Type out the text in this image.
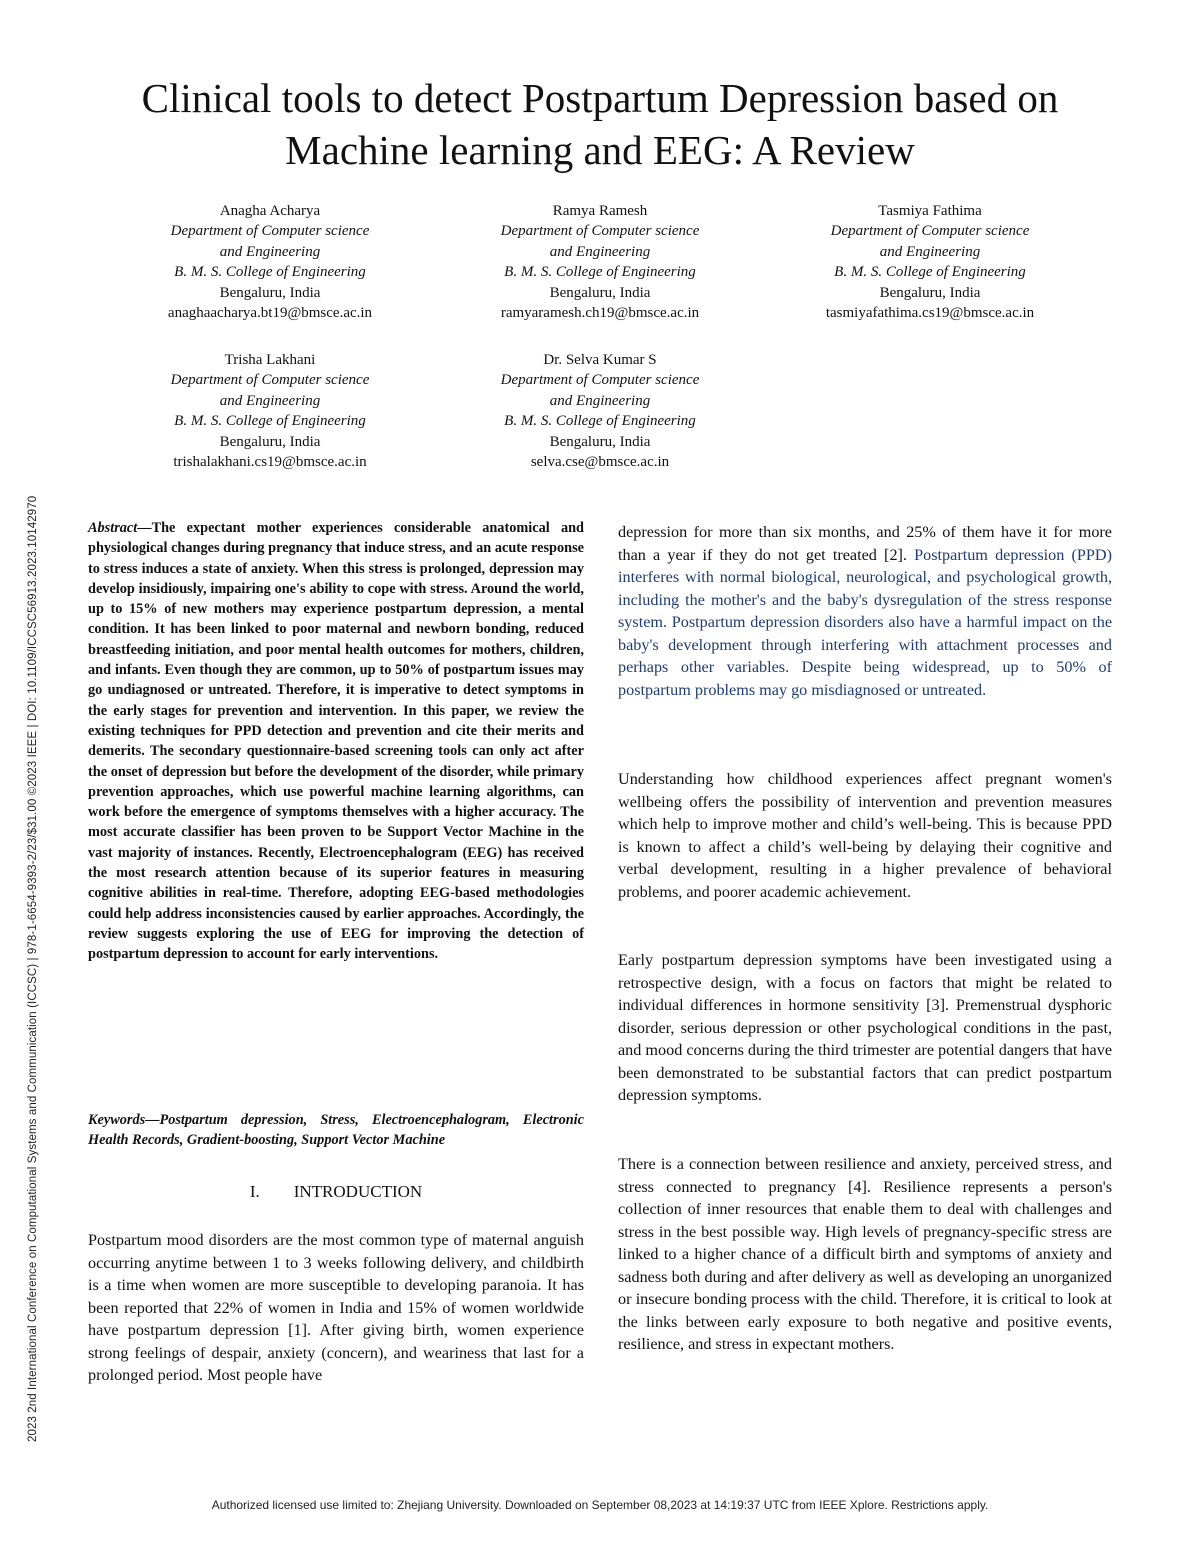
Clinical tools to detect Postpartum Depression based on
Machine learning and EEG: A Review
Anagha Acharya
Department of Computer science
and Engineering
B. M. S. College of Engineering
Bengaluru, India
anaghaacharya.bt19@bmsce.ac.in
Ramya Ramesh
Department of Computer science
and Engineering
B. M. S. College of Engineering
Bengaluru, India
ramyaramesh.ch19@bmsce.ac.in
Tasmiya Fathima
Department of Computer science
and Engineering
B. M. S. College of Engineering
Bengaluru, India
tasmiyafathima.cs19@bmsce.ac.in
Trisha Lakhani
Department of Computer science
and Engineering
B. M. S. College of Engineering
Bengaluru, India
trishalakhani.cs19@bmsce.ac.in
Dr. Selva Kumar S
Department of Computer science
and Engineering
B. M. S. College of Engineering
Bengaluru, India
selva.cse@bmsce.ac.in
2023 2nd International Conference on Computational Systems and Communication (ICCSC) | 978-1-6654-9393-2/23/$31.00 ©2023 IEEE | DOI: 10.1109/ICCSC56913.2023.10142970	Abstract—The expectant mother experiences considerable anatomical and physiological changes during pregnancy that induce stress, and an acute response to stress induces a state of anxiety. When this stress is prolonged, depression may develop insidiously, impairing one's ability to cope with stress. Around the world, up to 15% of new mothers may experience postpartum depression, a mental condition. It has been linked to poor maternal and newborn bonding, reduced breastfeeding initiation, and poor mental health outcomes for mothers, children, and infants. Even though they are common, up to 50% of postpartum issues may go undiagnosed or untreated. Therefore, it is imperative to detect symptoms in the early stages for prevention and intervention. In this paper, we review the existing techniques for PPD detection and prevention and cite their merits and demerits. The secondary questionnaire-based screening tools can only act after the onset of depression but before the development of the disorder, while primary prevention approaches, which use powerful machine learning algorithms, can work before the emergence of symptoms themselves with a higher accuracy. The most accurate classifier has been proven to be Support Vector Machine in the vast majority of instances. Recently, Electroencephalogram (EEG) has received the most research attention because of its superior features in measuring cognitive abilities in real-time. Therefore, adopting EEG-based methodologies could help address inconsistencies caused by earlier approaches. Accordingly, the review suggests exploring the use of EEG for improving the detection of postpartum depression to account for early interventions.
Keywords—Postpartum depression, Stress, Electroencephalogram, Electronic Health Records, Gradient-boosting, Support Vector Machine
I. INTRODUCTION
Postpartum mood disorders are the most common type of maternal anguish occurring anytime between 1 to 3 weeks following delivery, and childbirth is a time when women are more susceptible to developing paranoia. It has been reported that 22% of women in India and 15% of women worldwide have postpartum depression [1]. After giving birth, women experience strong feelings of despair, anxiety (concern), and weariness that last for a prolonged period. Most people have
depression for more than six months, and 25% of them have it for more than a year if they do not get treated [2]. Postpartum depression (PPD) interferes with normal biological, neurological, and psychological growth, including the mother's and the baby's dysregulation of the stress response system. Postpartum depression disorders also have a harmful impact on the baby's development through interfering with attachment processes and perhaps other variables. Despite being widespread, up to 50% of postpartum problems may go misdiagnosed or untreated.
Understanding how childhood experiences affect pregnant women's wellbeing offers the possibility of intervention and prevention measures which help to improve mother and child’s well-being. This is because PPD is known to affect a child’s well-being by delaying their cognitive and verbal development, resulting in a higher prevalence of behavioral problems, and poorer academic achievement.
Early postpartum depression symptoms have been investigated using a retrospective design, with a focus on factors that might be related to individual differences in hormone sensitivity [3]. Premenstrual dysphoric disorder, serious depression or other psychological conditions in the past, and mood concerns during the third trimester are potential dangers that have been demonstrated to be substantial factors that can predict postpartum depression symptoms.
There is a connection between resilience and anxiety, perceived stress, and stress connected to pregnancy [4]. Resilience represents a person's collection of inner resources that enable them to deal with challenges and stress in the best possible way. High levels of pregnancy-specific stress are linked to a higher chance of a difficult birth and symptoms of anxiety and sadness both during and after delivery as well as developing an unorganized or insecure bonding process with the child. Therefore, it is critical to look at the links between early exposure to both negative and positive events, resilience, and stress in expectant mothers.
Authorized licensed use limited to: Zhejiang University. Downloaded on September 08,2023 at 14:19:37 UTC from IEEE Xplore. Restrictions apply.
